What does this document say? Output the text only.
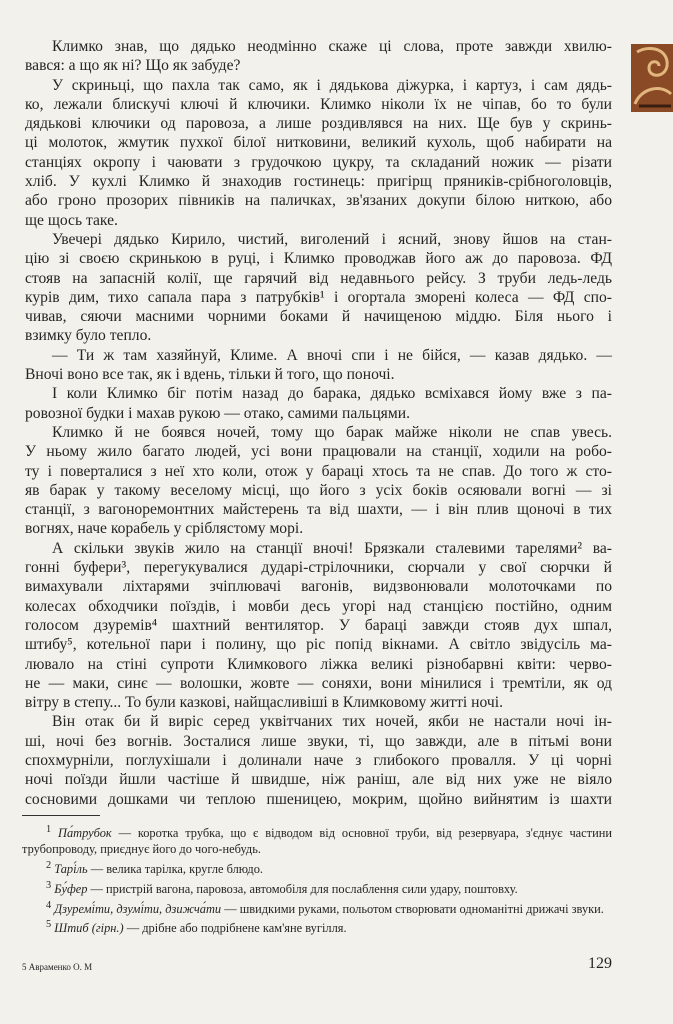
Климко знав, що дядько неодмінно скаже ці слова, проте завжди хвилю-
вався: а що як ні? Що як забуде?
У скриньці, що пахла так само, як і дядькова діжурка, і картуз, і сам дядь-
ко, лежали блискучі ключі й ключики. Климко ніколи їх не чіпав, бо то були
дядькові ключики од паровоза, а лише роздивлявся на них. Ще був у скринь-
ці молоток, жмутик пухкої білої нитковини, великий кухоль, щоб набирати на
станціях окропу і чаювати з грудочкою цукру, та складаний ножик — різати
хліб. У кухлі Климко й знаходив гостинець: пригірщ пряників-срібноголовців,
або гроно прозорих півників на паличках, зв'язаних докупи білою ниткою, або
ще щось таке.
Увечері дядько Кирило, чистий, виголений і ясний, знову йшов на стан-
цію зі своєю скринькою в руці, і Климко проводжав його аж до паровоза. ФД
стояв на запасній колії, ще гарячий від недавнього рейсу. З труби ледь-ледь
курів дим, тихо сапала пара з патрубків¹ і огортала зморені колеса — ФД спо-
чивав, сяючи масними чорними боками й начищеною міддю. Біля нього і
взимку було тепло.
— Ти ж там хазяйнуй, Климе. А вночі спи і не бійся, — казав дядько. —
Вночі воно все так, як і вдень, тільки й того, що поночі.
І коли Климко біг потім назад до барака, дядько всміхався йому вже з па-
ровозної будки і махав рукою — отако, самими пальцями.
Климко й не боявся ночей, тому що барак майже ніколи не спав увесь.
У ньому жило багато людей, усі вони працювали на станції, ходили на робо-
ту і поверталися з неї хто коли, отож у бараці хтось та не спав. До того ж сто-
яв барак у такому веселому місці, що його з усіх боків осяювали вогні — зі
станції, з вагоноремонтних майстерень та від шахти, — і він плив щоночі в тих
вогнях, наче корабель у сріблястому морі.
А скільки звуків жило на станції вночі! Брязкали сталевими тарелями² ва-
гонні буфери³, перегукувалися дударі-стрілочники, сюрчали у свої сюрчки й
вимахували ліхтарями зчіплювачі вагонів, видзвонювали молоточками по
колесах обходчики поїздів, і мовби десь угорі над станцією постійно, одним
голосом дзуремів⁴ шахтний вентилятор. У бараці завжди стояв дух шпал,
штибу⁵, котельної пари і полину, що ріс попід вікнами. А світло звідусіль ма-
лювало на стіні супроти Климкового ліжка великі різнобарвні квіти: черво-
не — маки, синє — волошки, жовте — соняхи, вони мінилися і тремтіли, як од
вітру в степу... То були казкові, найщасливіші в Климковому житті ночі.
Він отак би й виріс серед уквітчаних тих ночей, якби не настали ночі ін-
ші, ночі без вогнів. Зосталися лише звуки, ті, що завжди, але в пітьмі вони
спохмурніли, поглухішали і долинали наче з глибокого провалля. У ці чорні
ночі поїзди йшли частіше й швидше, ніж раніш, але від них уже не віяло
сосновими дошками чи теплою пшеницею, мокрим, щойно вийнятим із шахти

$^1$ Па́трубок — коротка трубка, що є відводом від основної труби, від резервуара, з'єднує частини трубопроводу, приєднує його до чого-небудь.

$^2$ Тарі́ль — велика тарілка, кругле блюдо.

$^3$ Бу́фер — пристрій вагона, паровоза, автомобіля для послаблення сили удару, поштовху.

$^4$ Дзуремі́ти, дзумі́ти, дзижча́ти — швидкими руками, польотом створювати одноманітні дрижачі звуки.

$^5$ Штиб (гірн.) — дрібне або подрібнене кам'яне вугілля.

129
5 Авраменко О. М
